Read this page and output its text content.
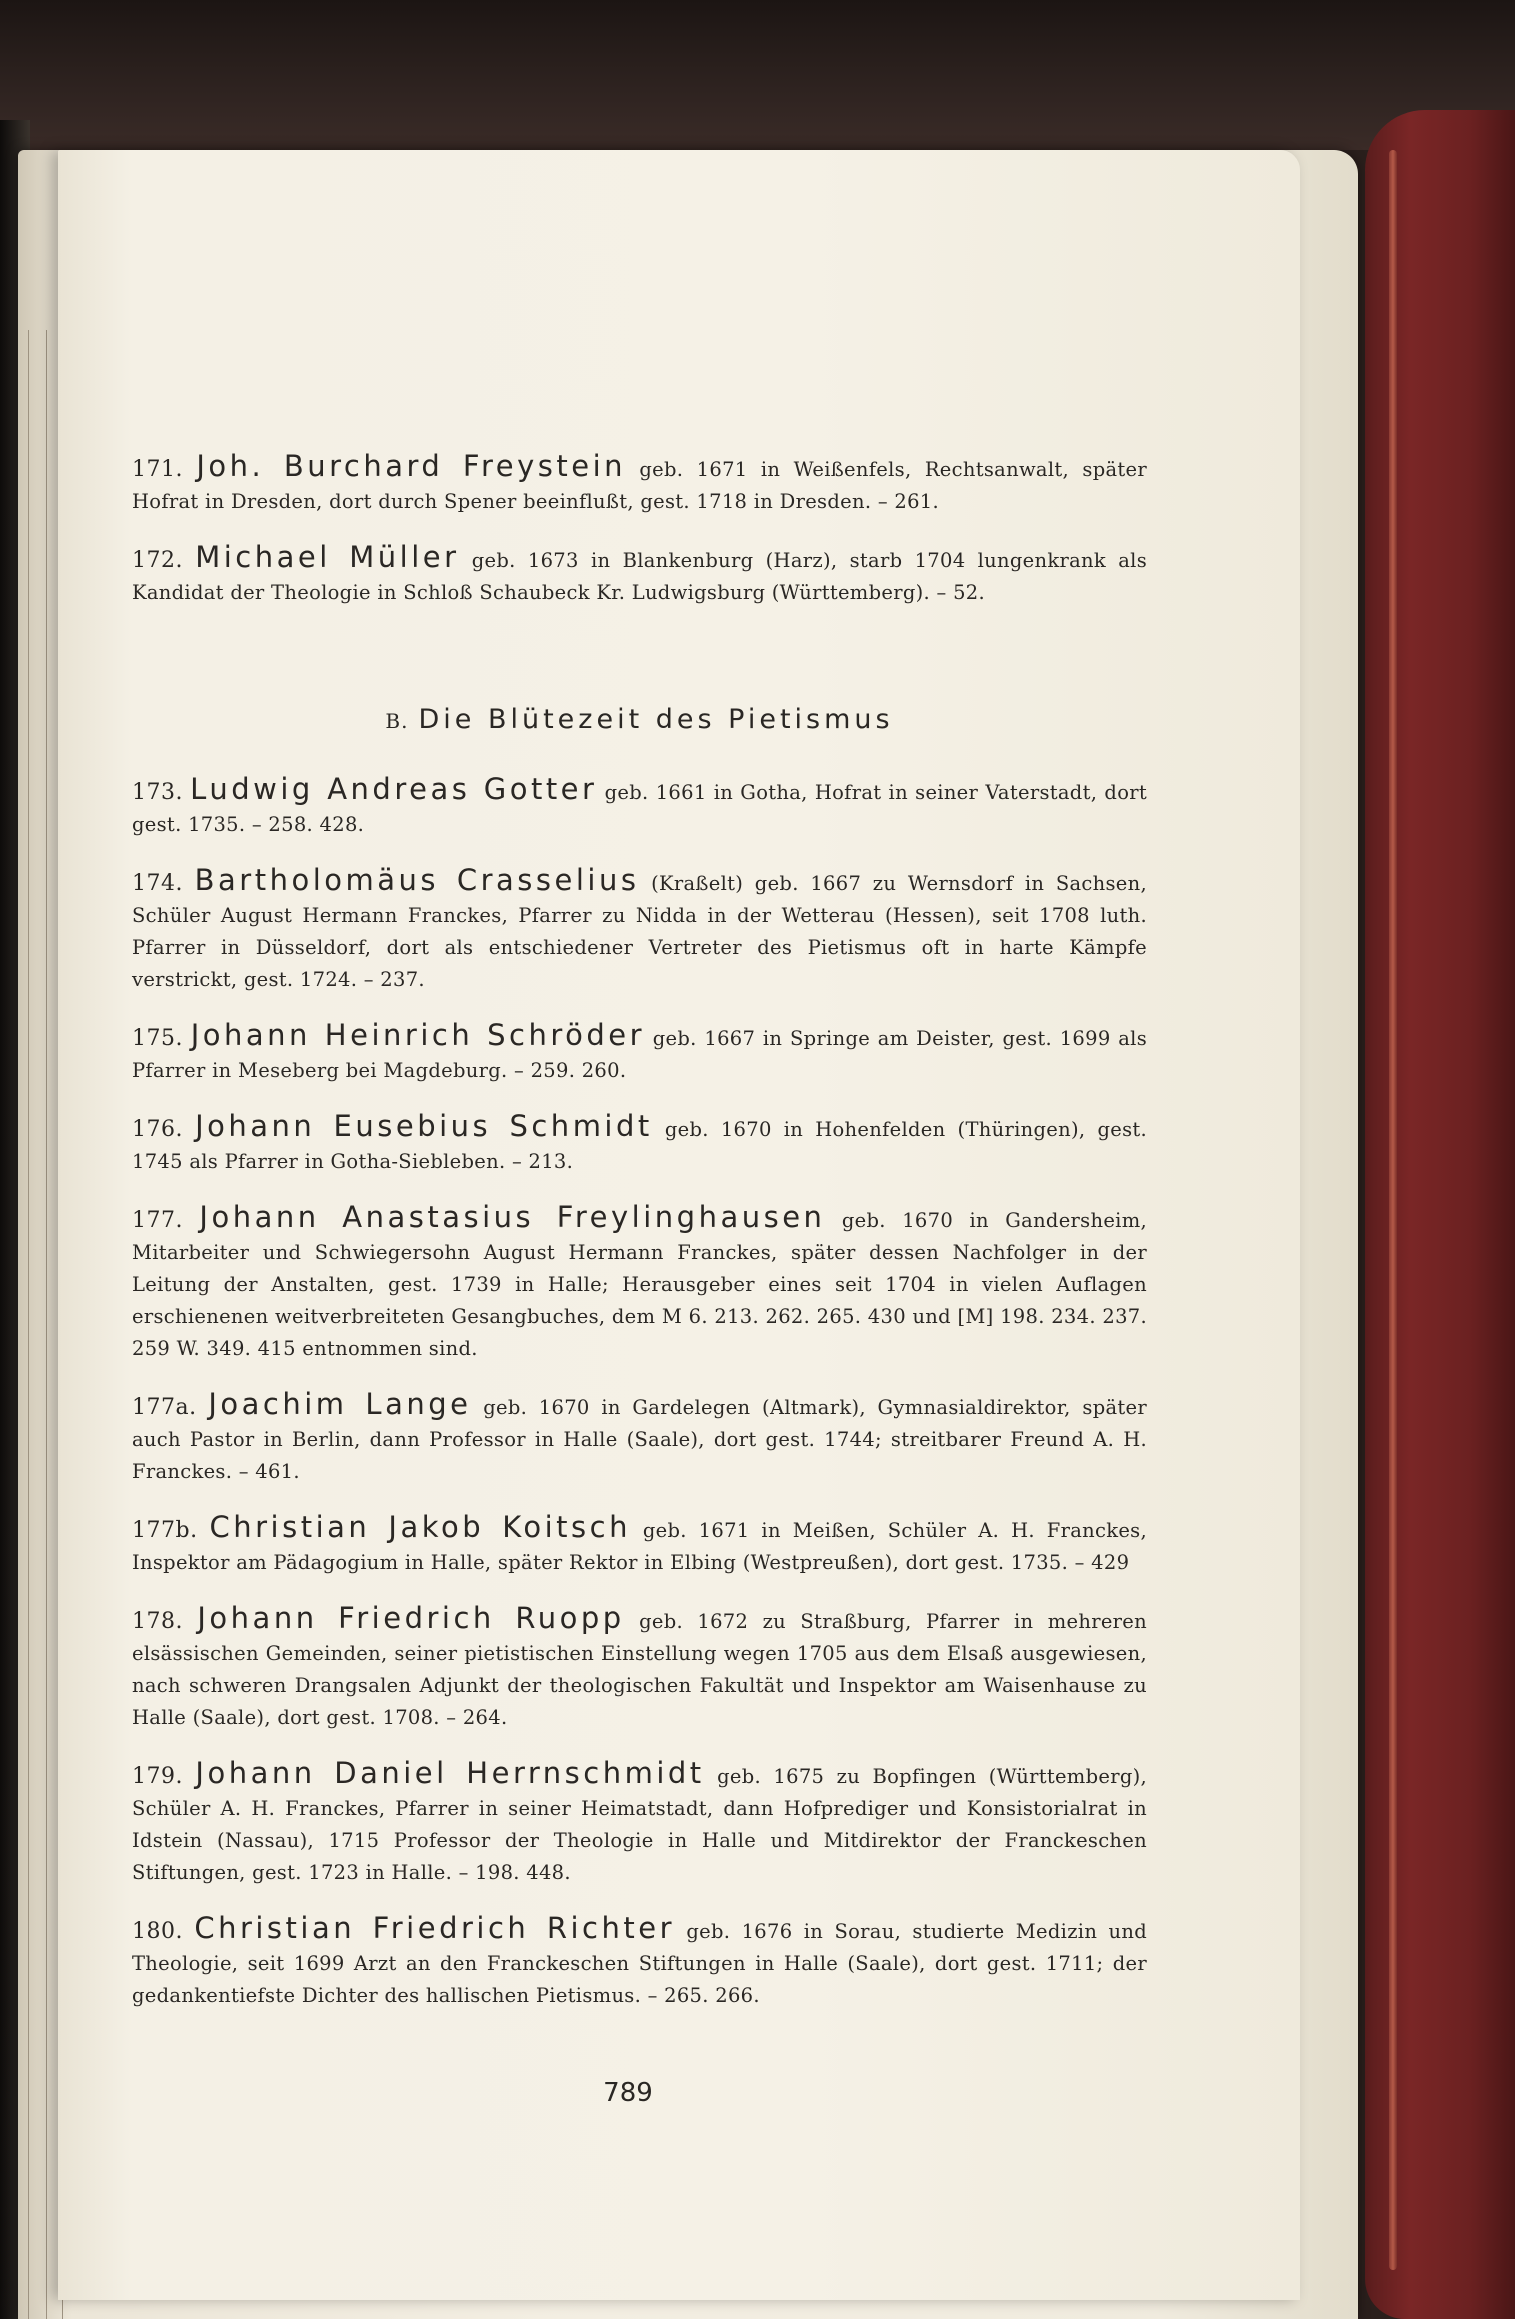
171. Joh. Burchard Freystein geb. 1671 in Weißenfels, Rechtsanwalt, später Hofrat in Dresden, dort durch Spener beeinflußt, gest. 1718 in Dresden. – 261.

172. Michael Müller geb. 1673 in Blankenburg (Harz), starb 1704 lungenkrank als Kandidat der Theologie in Schloß Schaubeck Kr. Ludwigsburg (Württemberg). – 52.

B. Die Blütezeit des Pietismus

173. Ludwig Andreas Gotter geb. 1661 in Gotha, Hofrat in seiner Vaterstadt, dort gest. 1735. – 258. 428.

174. Bartholomäus Crasselius (Kraßelt) geb. 1667 zu Wernsdorf in Sachsen, Schüler August Hermann Franckes, Pfarrer zu Nidda in der Wetterau (Hessen), seit 1708 luth. Pfarrer in Düsseldorf, dort als entschiedener Vertreter des Pietismus oft in harte Kämpfe verstrickt, gest. 1724. – 237.

175. Johann Heinrich Schröder geb. 1667 in Springe am Deister, gest. 1699 als Pfarrer in Meseberg bei Magdeburg. – 259. 260.

176. Johann Eusebius Schmidt geb. 1670 in Hohenfelden (Thüringen), gest. 1745 als Pfarrer in Gotha-Siebleben. – 213.

177. Johann Anastasius Freylinghausen geb. 1670 in Gandersheim, Mitarbeiter und Schwiegersohn August Hermann Franckes, später dessen Nachfolger in der Leitung der Anstalten, gest. 1739 in Halle; Herausgeber eines seit 1704 in vielen Auflagen erschienenen weitverbreiteten Gesangbuches, dem M 6. 213. 262. 265. 430 und [M] 198. 234. 237. 259 W. 349. 415 entnommen sind.

177a. Joachim Lange geb. 1670 in Gardelegen (Altmark), Gymnasialdirektor, später auch Pastor in Berlin, dann Professor in Halle (Saale), dort gest. 1744; streitbarer Freund A. H. Franckes. – 461.

177b. Christian Jakob Koitsch geb. 1671 in Meißen, Schüler A. H. Franckes, Inspektor am Pädagogium in Halle, später Rektor in Elbing (Westpreußen), dort gest. 1735. – 429

178. Johann Friedrich Ruopp geb. 1672 zu Straßburg, Pfarrer in mehreren elsässischen Gemeinden, seiner pietistischen Einstellung wegen 1705 aus dem Elsaß ausgewiesen, nach schweren Drangsalen Adjunkt der theologischen Fakultät und Inspektor am Waisenhause zu Halle (Saale), dort gest. 1708. – 264.

179. Johann Daniel Herrnschmidt geb. 1675 zu Bopfingen (Württemberg), Schüler A. H. Franckes, Pfarrer in seiner Heimatstadt, dann Hofprediger und Konsistorialrat in Idstein (Nassau), 1715 Professor der Theologie in Halle und Mitdirektor der Franckeschen Stiftungen, gest. 1723 in Halle. – 198. 448.

180. Christian Friedrich Richter geb. 1676 in Sorau, studierte Medizin und Theologie, seit 1699 Arzt an den Franckeschen Stiftungen in Halle (Saale), dort gest. 1711; der gedankentiefste Dichter des hallischen Pietismus. – 265. 266.

789
